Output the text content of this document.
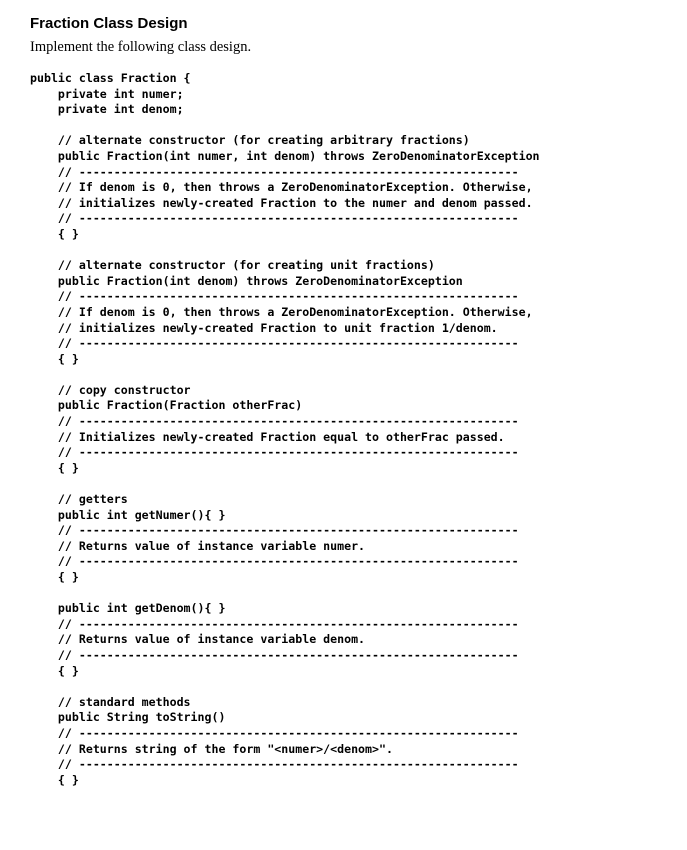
Fraction Class Design
Implement the following class design.
public class Fraction {
private int numer;
private int denom;
// alternate constructor (for creating arbitrary fractions)
public Fraction(int numer, int denom) throws ZeroDenominatorException
// ---------------------------------------------------------------
// If denom is 0, then throws a ZeroDenominatorException. Otherwise,
// initializes newly-created Fraction to the numer and denom passed.
// ---------------------------------------------------------------
{ }
// alternate constructor (for creating unit fractions)
public Fraction(int denom) throws ZeroDenominatorException
// ---------------------------------------------------------------
// If denom is 0, then throws a ZeroDenominatorException. Otherwise,
// initializes newly-created Fraction to unit fraction 1/denom.
// ---------------------------------------------------------------
{ }
// copy constructor
public Fraction(Fraction otherFrac)
// ---------------------------------------------------------------
// Initializes newly-created Fraction equal to otherFrac passed.
// ---------------------------------------------------------------
{ }
// getters
public int getNumer(){ }
// ---------------------------------------------------------------
// Returns value of instance variable numer.
// ---------------------------------------------------------------
{ }
public int getDenom(){ }
// ---------------------------------------------------------------
// Returns value of instance variable denom.
// ---------------------------------------------------------------
{ }
// standard methods
public String toString()
// ---------------------------------------------------------------
// Returns string of the form "<numer>/<denom>".
// ---------------------------------------------------------------
{ }
